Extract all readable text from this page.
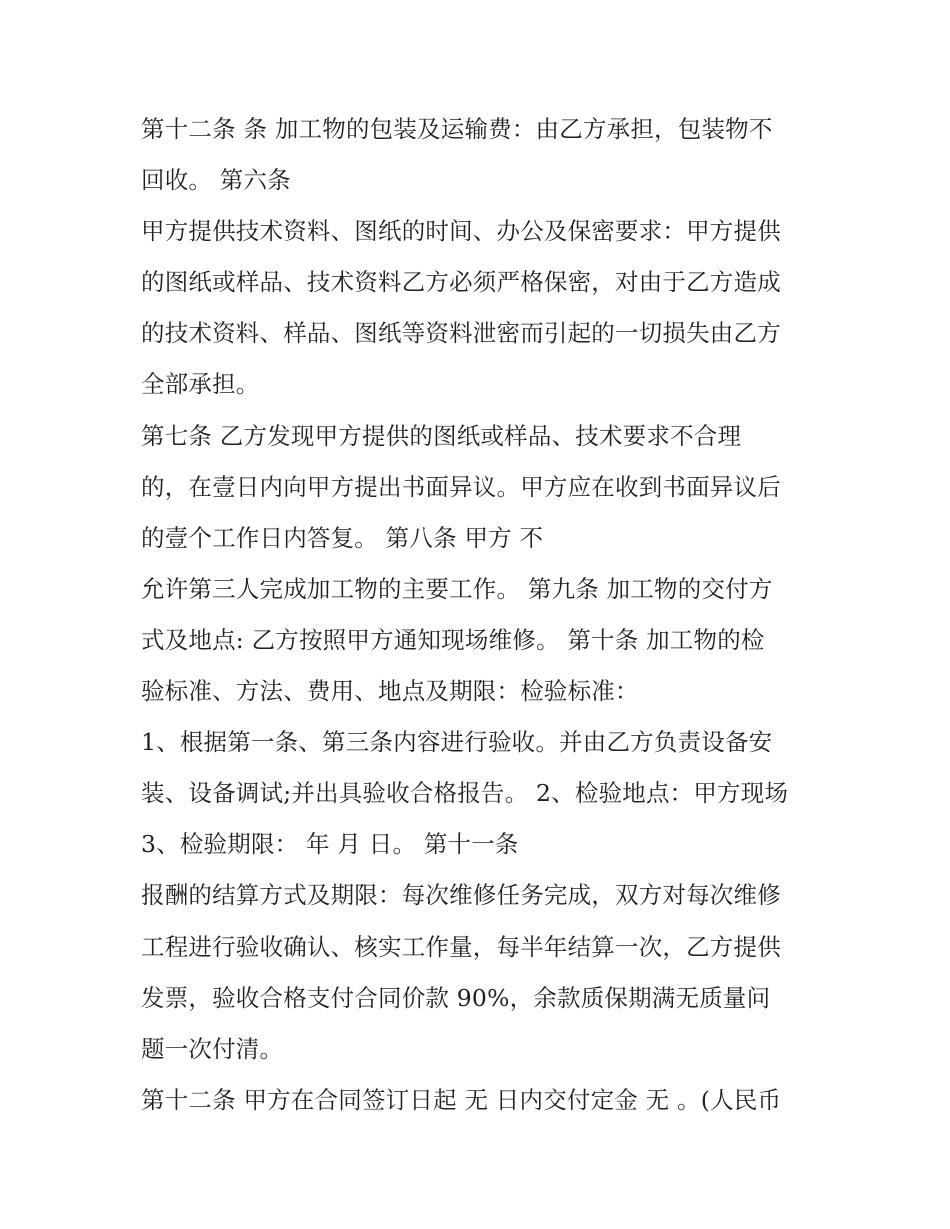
第十二条 条 加工物的包装及运输费：由乙方承担，包装物不
回收。 第六条
甲方提供技术资料、图纸的时间、办公及保密要求：甲方提供
的图纸或样品、技术资料乙方必须严格保密，对由于乙方造成
的技术资料、样品、图纸等资料泄密而引起的一切损失由乙方
全部承担。
第七条 乙方发现甲方提供的图纸或样品、技术要求不合理
的，在壹日内向甲方提出书面异议。甲方应在收到书面异议后
的壹个工作日内答复。 第八条 甲方 不
允许第三人完成加工物的主要工作。 第九条 加工物的交付方
式及地点: 乙方按照甲方通知现场维修。 第十条 加工物的检
验标准、方法、费用、地点及期限：检验标准：
1、根据第一条、第三条内容进行验收。并由乙方负责设备安
装、设备调试;并出具验收合格报告。 2、检验地点：甲方现场
3、检验期限： 年 月 日。 第十一条
报酬的结算方式及期限：每次维修任务完成，双方对每次维修
工程进行验收确认、核实工作量，每半年结算一次，乙方提供
发票，验收合格支付合同价款 90%，余款质保期满无质量问
题一次付清。
第十二条 甲方在合同签订日起 无 日内交付定金 无 。(人民币
